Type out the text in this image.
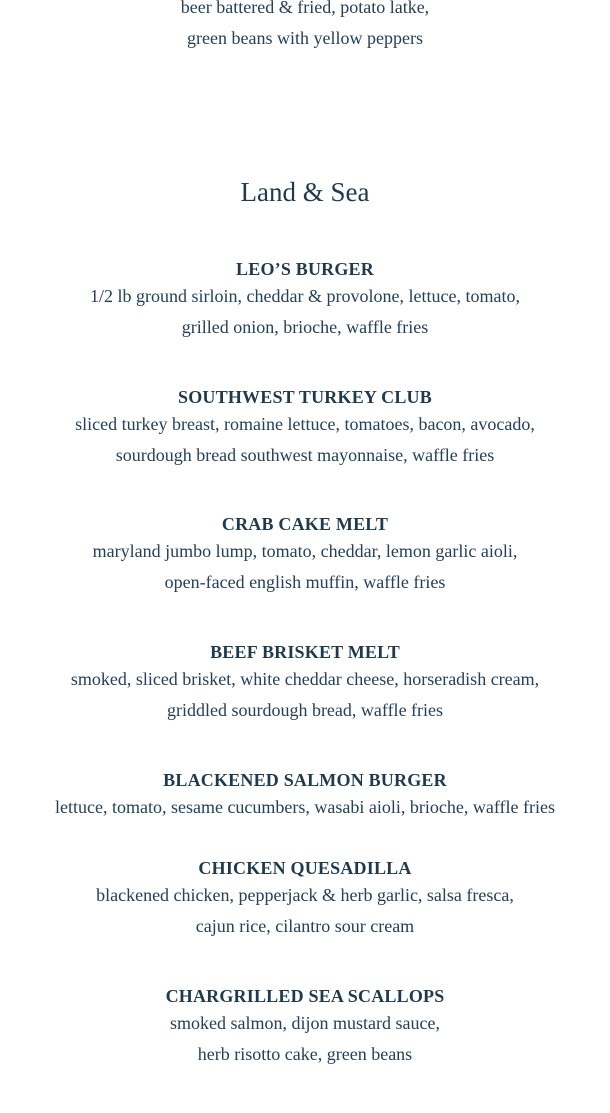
beer battered & fried, potato latke,
green beans with yellow peppers
Land & Sea
LEO’S BURGER
1/2 lb ground sirloin, cheddar & provolone, lettuce, tomato,
grilled onion, brioche, waffle fries
SOUTHWEST TURKEY CLUB
sliced turkey breast, romaine lettuce, tomatoes, bacon, avocado,
sourdough bread southwest mayonnaise, waffle fries
CRAB CAKE MELT
maryland jumbo lump, tomato, cheddar, lemon garlic aioli,
open-faced english muffin, waffle fries
BEEF BRISKET MELT
smoked, sliced brisket, white cheddar cheese, horseradish cream,
griddled sourdough bread, waffle fries
BLACKENED SALMON BURGER
lettuce, tomato, sesame cucumbers, wasabi aioli, brioche, waffle fries
CHICKEN QUESADILLA
blackened chicken, pepperjack & herb garlic, salsa fresca,
cajun rice, cilantro sour cream
CHARGRILLED SEA SCALLOPS
smoked salmon, dijon mustard sauce,
herb risotto cake, green beans
